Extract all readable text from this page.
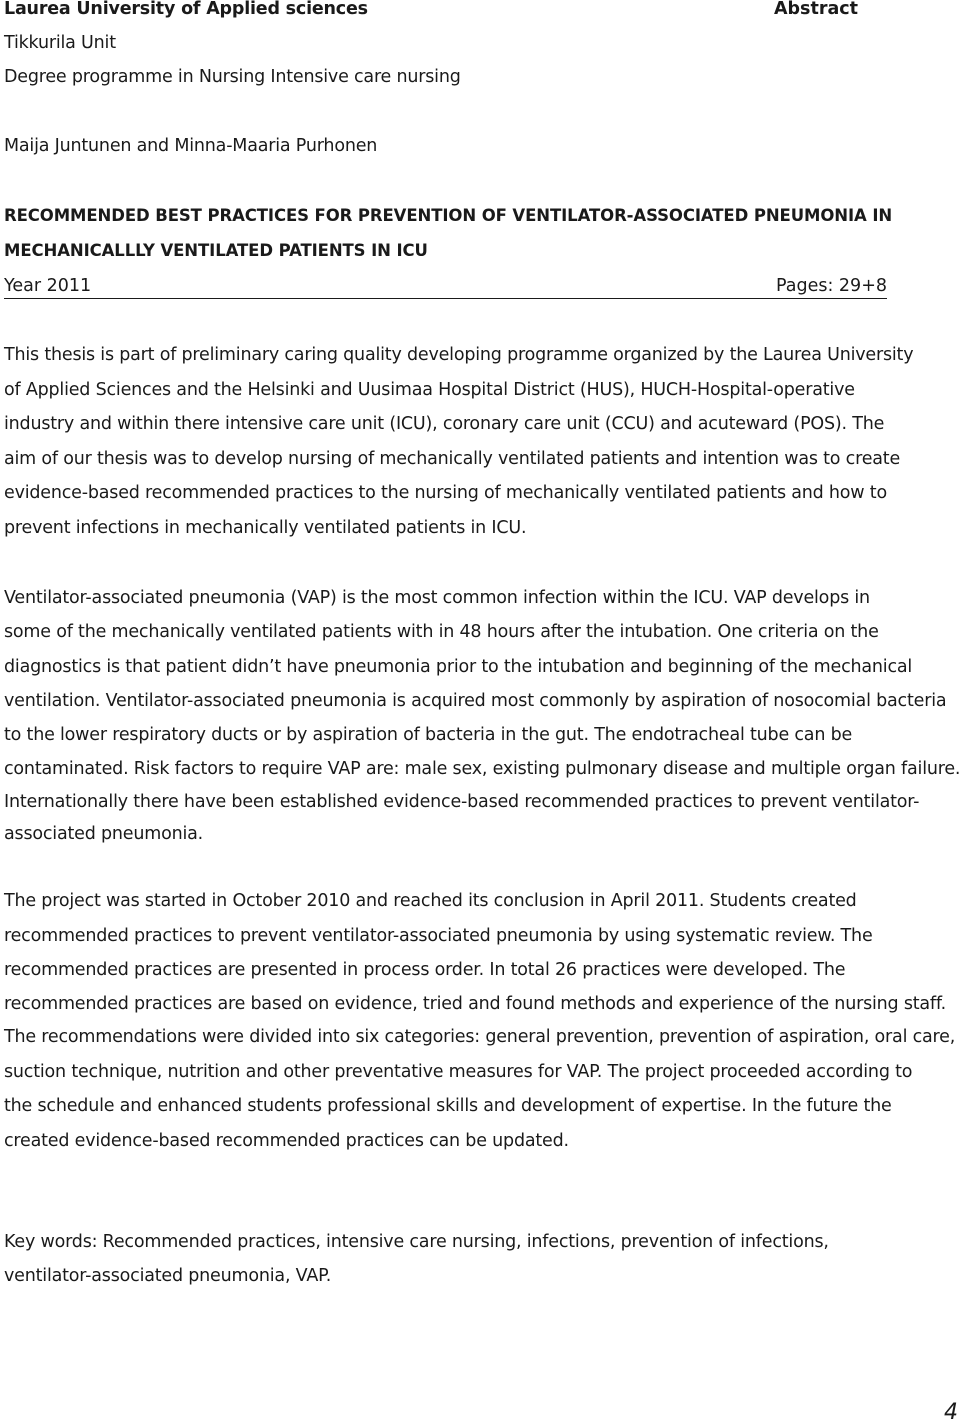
Laurea University of Applied sciences	Abstract
Tikkurila Unit
Degree programme in Nursing Intensive care nursing
Maija Juntunen and Minna-Maaria Purhonen
RECOMMENDED BEST PRACTICES FOR PREVENTION OF VENTILATOR-ASSOCIATED PNEUMONIA IN
MECHANICALLLY VENTILATED PATIENTS IN ICU
Year 2011	Pages: 29+8

This thesis is part of preliminary caring quality developing programme organized by the Laurea University

of Applied Sciences and the Helsinki and Uusimaa Hospital District (HUS), HUCH-Hospital-operative

industry and within there intensive care unit (ICU), coronary care unit (CCU) and acuteward (POS). The

aim of our thesis was to develop nursing of mechanically ventilated patients and intention was to create

evidence-based recommended practices to the nursing of mechanically ventilated patients and how to

prevent infections in mechanically ventilated patients in ICU.

Ventilator-associated pneumonia (VAP) is the most common infection within the ICU. VAP develops in

some of the mechanically ventilated patients with in 48 hours after the intubation. One criteria on the

diagnostics is that patient didn’t have pneumonia prior to the intubation and beginning of the mechanical

ventilation. Ventilator-associated pneumonia is acquired most commonly by aspiration of nosocomial bacteria

to the lower respiratory ducts or by aspiration of bacteria in the gut. The endotracheal tube can be

contaminated. Risk factors to require VAP are: male sex, existing pulmonary disease and multiple organ failure.

Internationally there have been established evidence-based recommended practices to prevent ventilator-

associated pneumonia.

The project was started in October 2010 and reached its conclusion in April 2011. Students created

recommended practices to prevent ventilator-associated pneumonia by using systematic review. The

recommended practices are presented in process order. In total 26 practices were developed. The

recommended practices are based on evidence, tried and found methods and experience of the nursing staff.

The recommendations were divided into six categories: general prevention, prevention of aspiration, oral care,

suction technique, nutrition and other preventative measures for VAP. The project proceeded according to

the schedule and enhanced students professional skills and development of expertise. In the future the

created evidence-based recommended practices can be updated.

Key words: Recommended practices, intensive care nursing, infections, prevention of infections,

ventilator-associated pneumonia, VAP.

4
